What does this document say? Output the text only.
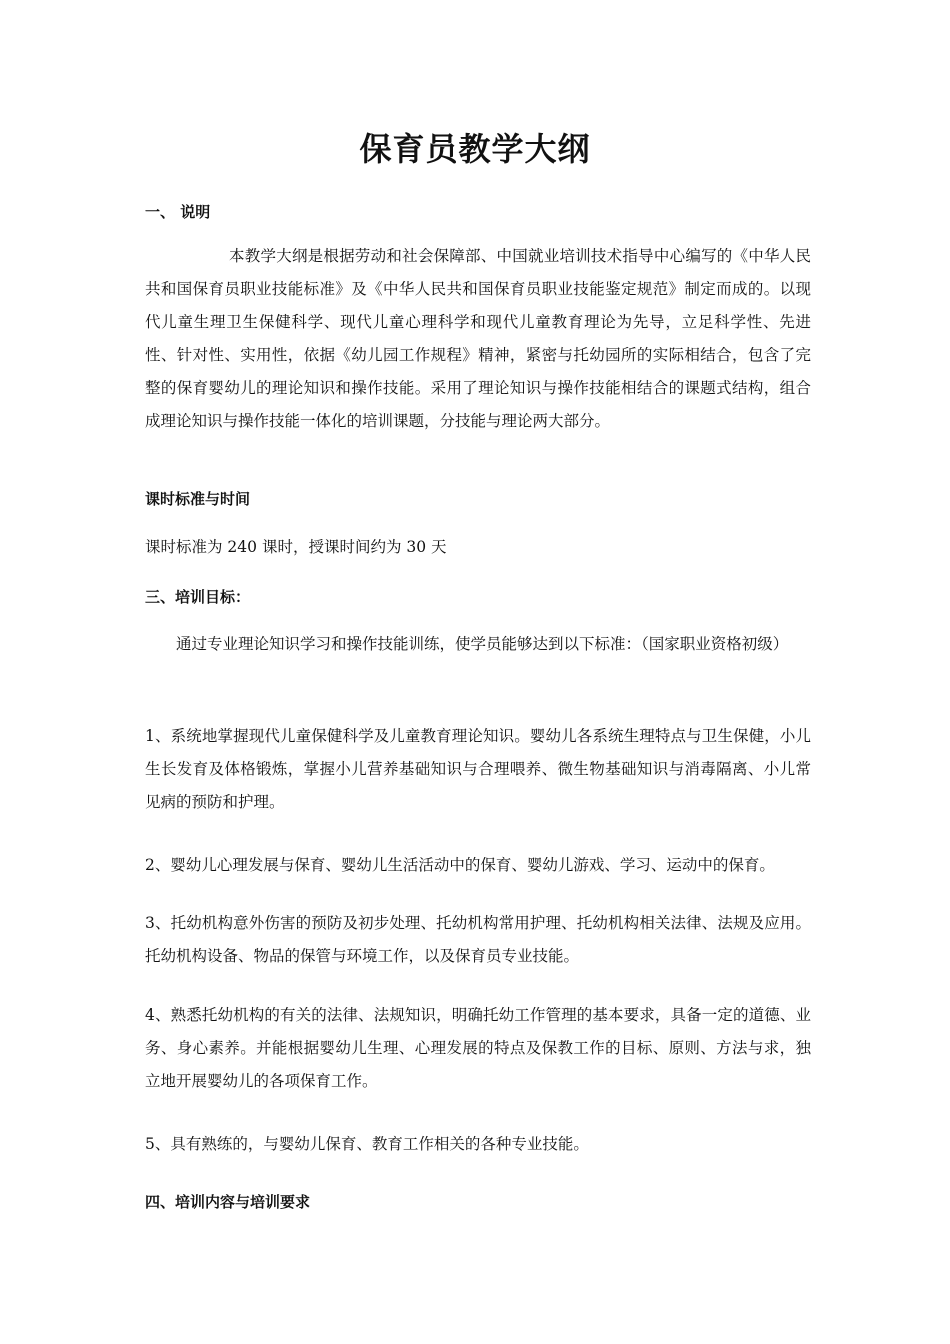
保育员教学大纲
一、 说明

本教学大纲是根据劳动和社会保障部、中国就业培训技术指导中心编写的《中华人民共和国保育员职业技能标准》及《中华人民共和国保育员职业技能鉴定规范》制定而成的。以现代儿童生理卫生保健科学、现代儿童心理科学和现代儿童教育理论为先导，立足科学性、先进性、针对性、实用性，依据《幼儿园工作规程》精神，紧密与托幼园所的实际相结合，包含了完整的保育婴幼儿的理论知识和操作技能。采用了理论知识与操作技能相结合的课题式结构，组合成理论知识与操作技能一体化的培训课题，分技能与理论两大部分。

课时标准与时间

课时标准为 240 课时，授课时间约为 30 天

三、培训目标：

通过专业理论知识学习和操作技能训练，使学员能够达到以下标准：（国家职业资格初级）

1、系统地掌握现代儿童保健科学及儿童教育理论知识。婴幼儿各系统生理特点与卫生保健，小儿生长发育及体格锻炼，掌握小儿营养基础知识与合理喂养、微生物基础知识与消毒隔离、小儿常见病的预防和护理。

2、婴幼儿心理发展与保育、婴幼儿生活活动中的保育、婴幼儿游戏、学习、运动中的保育。

3、托幼机构意外伤害的预防及初步处理、托幼机构常用护理、托幼机构相关法律、法规及应用。托幼机构设备、物品的保管与环境工作，以及保育员专业技能。

4、熟悉托幼机构的有关的法律、法规知识，明确托幼工作管理的基本要求，具备一定的道德、业务、身心素养。并能根据婴幼儿生理、心理发展的特点及保教工作的目标、原则、方法与求，独立地开展婴幼儿的各项保育工作。

5、具有熟练的，与婴幼儿保育、教育工作相关的各种专业技能。

四、培训内容与培训要求
